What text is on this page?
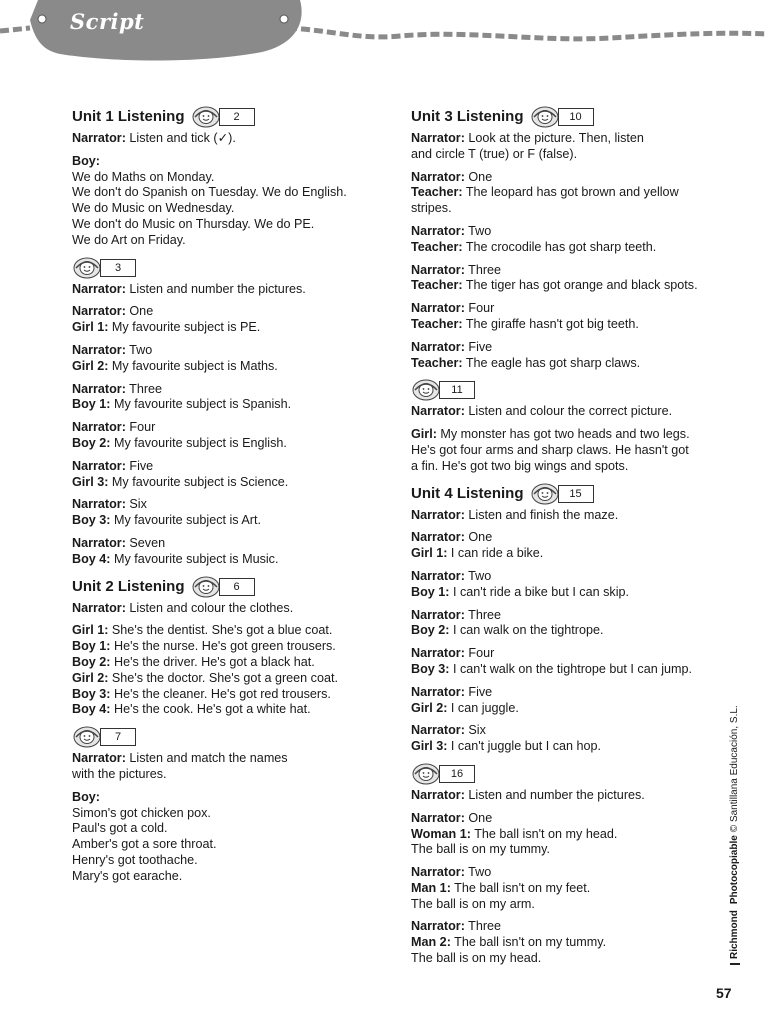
Script
Unit 1 Listening	2
Narrator: Listen and tick (✓).
Boy:
We do Maths on Monday.
We don't do Spanish on Tuesday. We do English.
We do Music on Wednesday.
We don't do Music on Thursday. We do PE.
We do Art on Friday.
3
Narrator: Listen and number the pictures.
Narrator: One
Girl 1: My favourite subject is PE.
Narrator: Two
Girl 2: My favourite subject is Maths.
Narrator: Three
Boy 1: My favourite subject is Spanish.
Narrator: Four
Boy 2: My favourite subject is English.
Narrator: Five
Girl 3: My favourite subject is Science.
Narrator: Six
Boy 3: My favourite subject is Art.
Narrator: Seven
Boy 4: My favourite subject is Music.
Unit 2 Listening	6
Narrator: Listen and colour the clothes.
Girl 1: She's the dentist. She's got a blue coat.
Boy 1: He's the nurse. He's got green trousers.
Boy 2: He's the driver. He's got a black hat.
Girl 2: She's the doctor. She's got a green coat.
Boy 3: He's the cleaner. He's got red trousers.
Boy 4: He's the cook. He's got a white hat.
7
Narrator: Listen and match the names
with the pictures.
Boy:
Simon's got chicken pox.
Paul's got a cold.
Amber's got a sore throat.
Henry's got toothache.
Mary's got earache.
Unit 3 Listening	10
Narrator: Look at the picture. Then, listen
and circle T (true) or F (false).
Narrator: One
Teacher: The leopard has got brown and yellow
stripes.
Narrator: Two
Teacher: The crocodile has got sharp teeth.
Narrator: Three
Teacher: The tiger has got orange and black spots.
Narrator: Four
Teacher: The giraffe hasn't got big teeth.
Narrator: Five
Teacher: The eagle has got sharp claws.
11
Narrator: Listen and colour the correct picture.
Girl: My monster has got two heads and two legs.
He's got four arms and sharp claws. He hasn't got
a fin. He's got two big wings and spots.
Unit 4 Listening	15
Narrator: Listen and finish the maze.
Narrator: One
Girl 1: I can ride a bike.
Narrator: Two
Boy 1: I can't ride a bike but I can skip.
Narrator: Three
Boy 2: I can walk on the tightrope.
Narrator: Four
Boy 3: I can't walk on the tightrope but I can jump.
Narrator: Five
Girl 2: I can juggle.
Narrator: Six
Girl 3: I can't juggle but I can hop.
16
Narrator: Listen and number the pictures.
Narrator: One
Woman 1: The ball isn't on my head.
The ball is on my tummy.
Narrator: Two
Man 1: The ball isn't on my feet.
The ball is on my arm.
Narrator: Three
Man 2: The ball isn't on my tummy.
The ball is on my head.	Richmond
Photocopiable
© Santillana Educación, S.L.
57
